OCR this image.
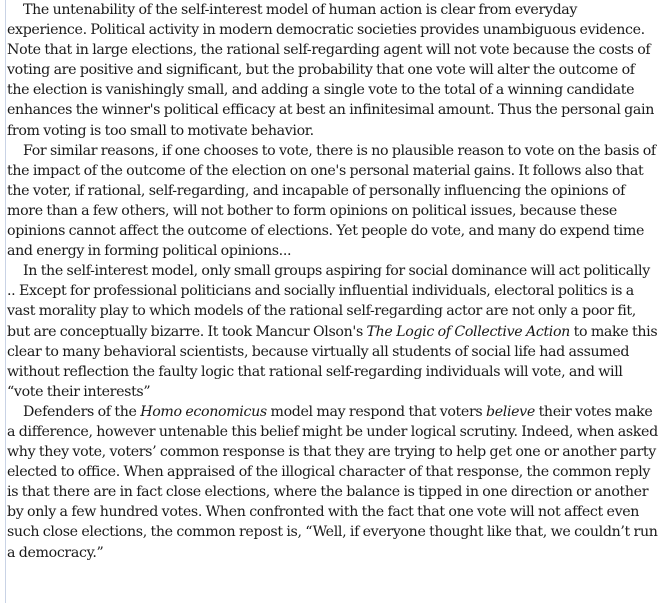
The untenability of the self-interest model of human action is clear from everyday experience. Political activity in modern democratic societies provides unambiguous evidence. Note that in large elections, the rational self-regarding agent will not vote because the costs of voting are positive and significant, but the probability that one vote will alter the outcome of the election is vanishingly small, and adding a single vote to the total of a winning candidate enhances the winner's political efficacy at best an infinitesimal amount. Thus the personal gain from voting is too small to motivate behavior.

For similar reasons, if one chooses to vote, there is no plausible reason to vote on the basis of the impact of the outcome of the election on one's personal material gains. It follows also that the voter, if rational, self-regarding, and incapable of personally influencing the opinions of more than a few others, will not bother to form opinions on political issues, because these opinions cannot affect the outcome of elections. Yet people do vote, and many do expend time and energy in forming political opinions...

In the self-interest model, only small groups aspiring for social dominance will act politically .. Except for professional politicians and socially influential individuals, electoral politics is a vast morality play to which models of the rational self-regarding actor are not only a poor fit, but are conceptually bizarre. It took Mancur Olson's The Logic of Collective Action to make this clear to many behavioral scientists, because virtually all students of social life had assumed without reflection the faulty logic that rational self-regarding individuals will vote, and will “vote their interests”

Defenders of the Homo economicus model may respond that voters believe their votes make a difference, however untenable this belief might be under logical scrutiny. Indeed, when asked why they vote, voters’ common response is that they are trying to help get one or another party elected to office. When appraised of the illogical character of that response, the common reply is that there are in fact close elections, where the balance is tipped in one direction or another by only a few hundred votes. When confronted with the fact that one vote will not affect even such close elections, the common repost is, “Well, if everyone thought like that, we couldn’t run a democracy.”
